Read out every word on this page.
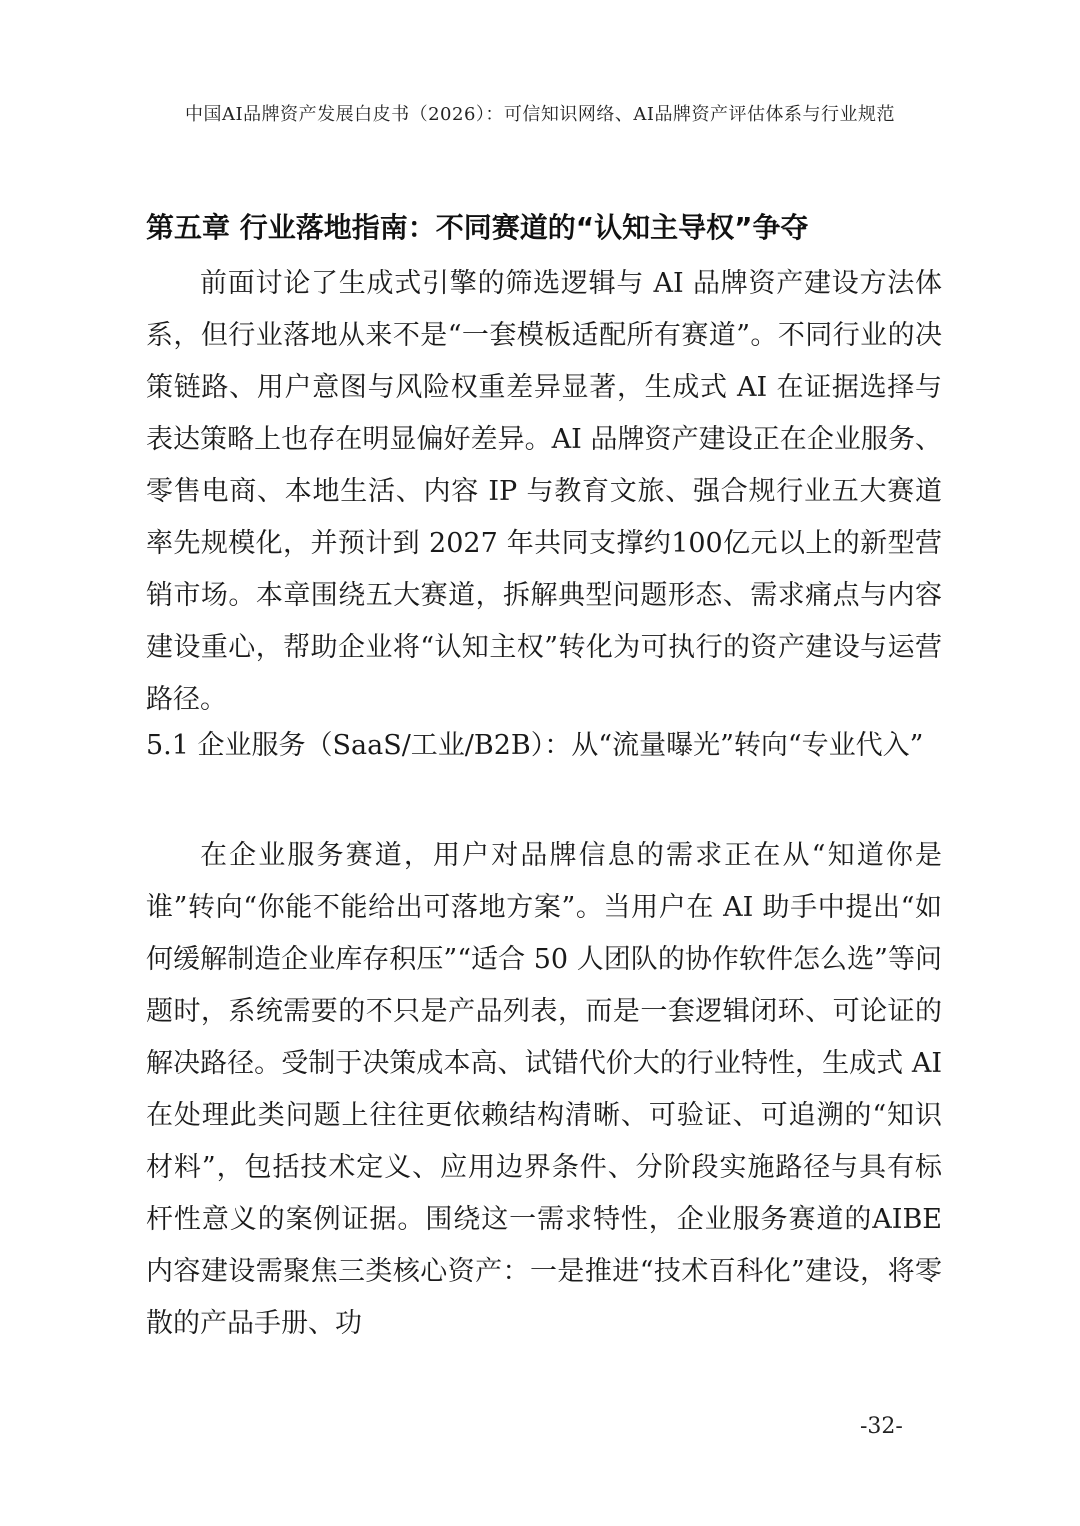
中国AI品牌资产发展白皮书（2026）：可信知识网络、AI品牌资产评估体系与行业规范
第五章 行业落地指南：不同赛道的“认知主导权”争夺

前面讨论了生成式引擎的筛选逻辑与 AI 品牌资产建设方法体系，但行业落地从来不是“一套模板适配所有赛道”。不同行业的决策链路、用户意图与风险权重差异显著，生成式 AI 在证据选择与表达策略上也存在明显偏好差异。AI 品牌资产建设正在企业服务、零售电商、本地生活、内容 IP 与教育文旅、强合规行业五大赛道率先规模化，并预计到 2027 年共同支撑约100亿元以上的新型营销市场。本章围绕五大赛道，拆解典型问题形态、需求痛点与内容建设重心，帮助企业将“认知主权”转化为可执行的资产建设与运营路径。

5.1 企业服务（SaaS/工业/B2B）：从“流量曝光”转向“专业代入”

在企业服务赛道，用户对品牌信息的需求正在从“知道你是谁”转向“你能不能给出可落地方案”。当用户在 AI 助手中提出“如何缓解制造企业库存积压”“适合 50 人团队的协作软件怎么选”等问题时，系统需要的不只是产品列表，而是一套逻辑闭环、可论证的解决路径。受制于决策成本高、试错代价大的行业特性，生成式 AI 在处理此类问题上往往更依赖结构清晰、可验证、可追溯的“知识材料”，包括技术定义、应用边界条件、分阶段实施路径与具有标杆性意义的案例证据。围绕这一需求特性，企业服务赛道的AIBE内容建设需聚焦三类核心资产：一是推进“技术百科化”建设，将零散的产品手册、功

-32-
